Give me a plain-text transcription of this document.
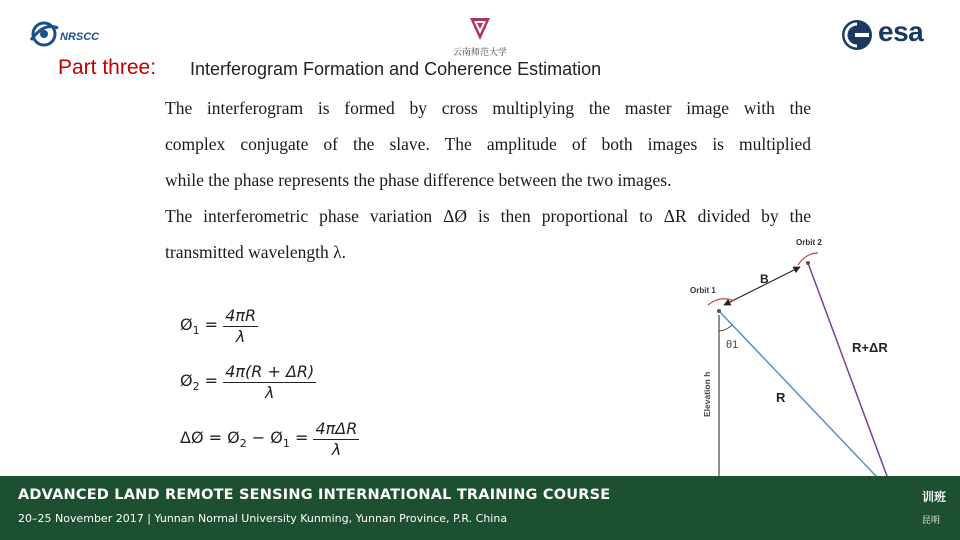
NRSCC
云南师范大学
esa
Part three: Interferogram Formation and Coherence Estimation
The interferogram is formed by cross multiplying the master image with the
complex conjugate of the slave. The amplitude of both images is multiplied
while the phase represents the phase difference between the two images.
The interferometric phase variation ΔØ is then proportional to ΔR divided by the
transmitted wavelength λ.
$Ø_1 = \frac{4\pi R}{\lambda}$
$Ø_2 = \frac{4\pi(R + \Delta R)}{\lambda}$
ΔØ = $Ø_2$ − $Ø_1 = \frac{\text{4πΔR}}{\lambda}$
Elevation h
B
R
R+ΔR
θ1
Orbit 1
Orbit 2
ADVANCED LAND REMOTE SENSING INTERNATIONAL TRAINING COURSE
20–25 November 2017 | Yunnan Normal University Kunming, Yunnan Province, P.R. China
训班
昆明
